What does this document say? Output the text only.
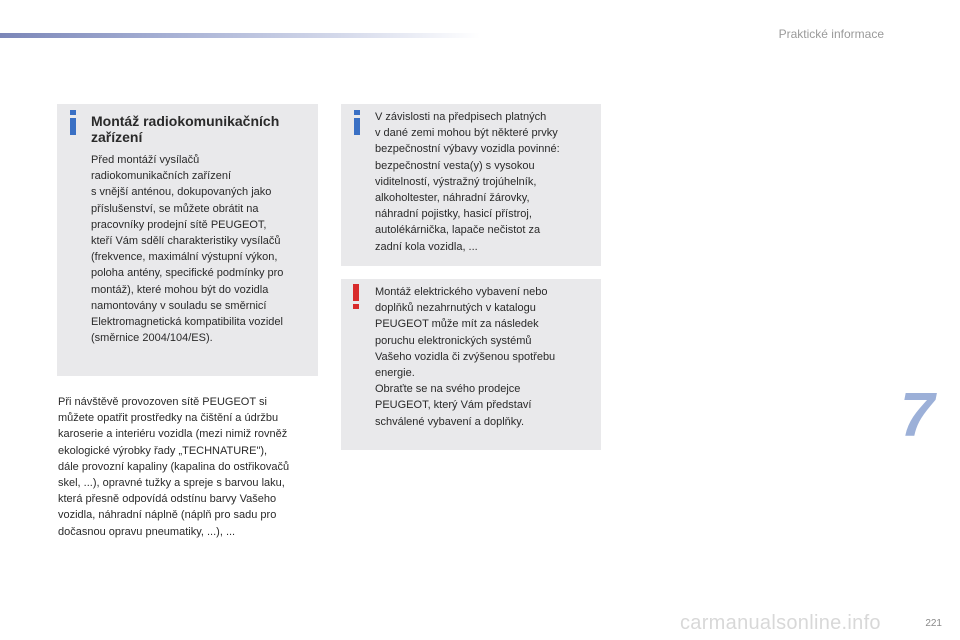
Praktické informace
Montáž radiokomunikačních zařízení
Před montáží vysílačů
radiokomunikačních zařízení
s vnější anténou, dokupovaných jako
příslušenství, se můžete obrátit na
pracovníky prodejní sítě PEUGEOT,
kteří Vám sdělí charakteristiky vysílačů
(frekvence, maximální výstupní výkon,
poloha antény, specifické podmínky pro
montáž), které mohou být do vozidla
namontovány v souladu se směrnicí
Elektromagnetická kompatibilita vozidel
(směrnice 2004/104/ES).
Při návštěvě provozoven sítě PEUGEOT si
můžete opatřit prostředky na čištění a údržbu
karoserie a interiéru vozidla (mezi nimiž rovněž
ekologické výrobky řady „TECHNATURE"),
dále provozní kapaliny (kapalina do ostřikovačů
skel, ...), opravné tužky a spreje s barvou laku,
která přesně odpovídá odstínu barvy Vašeho
vozidla, náhradní náplně (náplň pro sadu pro
dočasnou opravu pneumatiky, ...), ...
V závislosti na předpisech platných
v dané zemi mohou být některé prvky
bezpečnostní výbavy vozidla povinné:
bezpečnostní vesta(y) s vysokou
viditelností, výstražný trojúhelník,
alkoholtester, náhradní žárovky,
náhradní pojistky, hasicí přístroj,
autolékárnička, lapače nečistot za
zadní kola vozidla, ...
Montáž elektrického vybavení nebo
doplňků nezahrnutých v katalogu
PEUGEOT může mít za následek
poruchu elektronických systémů
Vašeho vozidla či zvýšenou spotřebu
energie.
Obraťte se na svého prodejce
PEUGEOT, který Vám představí
schválené vybavení a doplňky.	7
carmanualsonline.info	221
